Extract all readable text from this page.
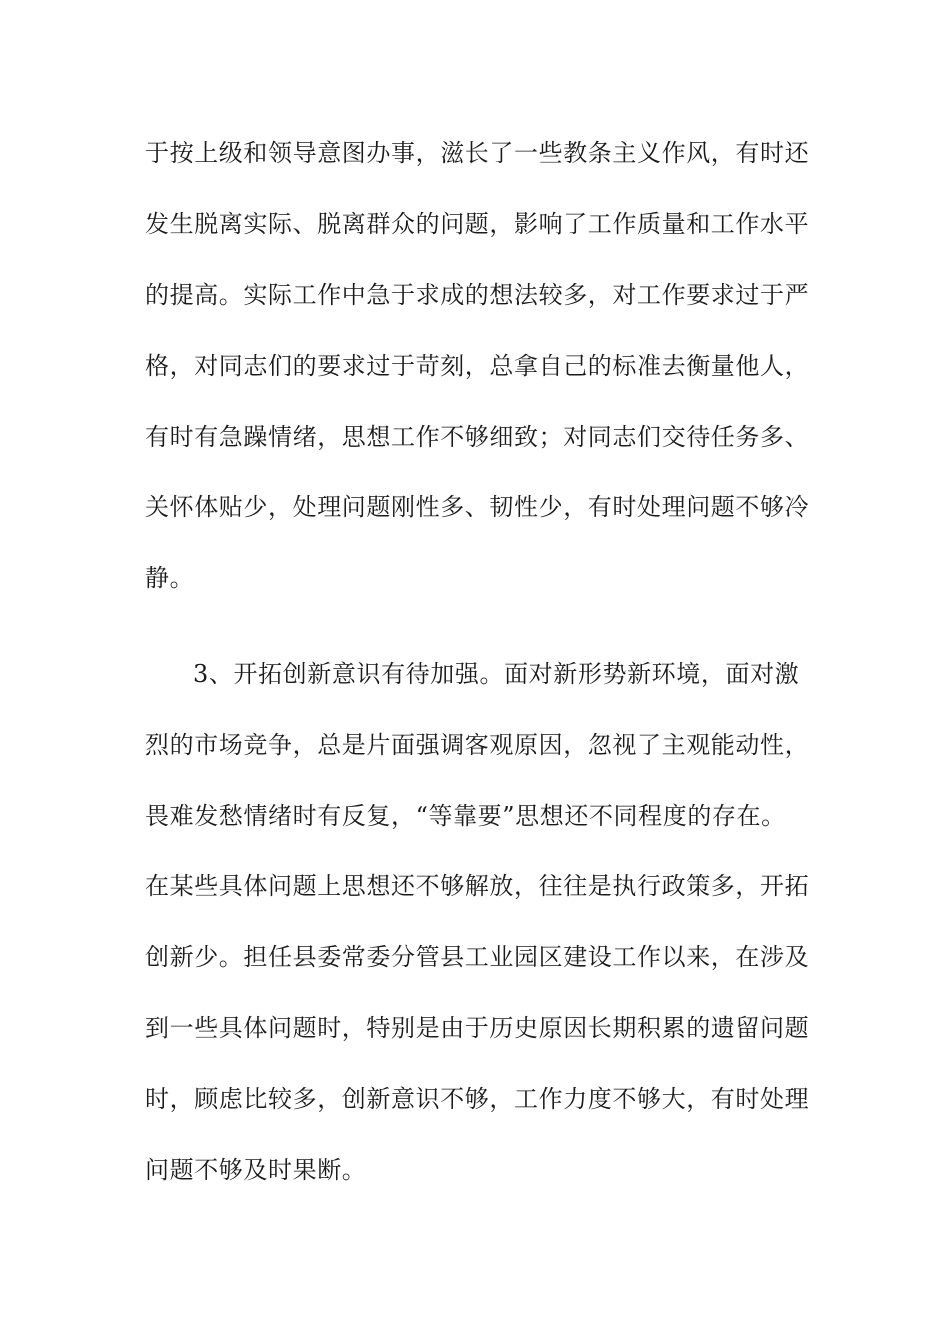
于按上级和领导意图办事，滋长了一些教条主义作风，有时还

发生脱离实际、脱离群众的问题，影响了工作质量和工作水平

的提高。实际工作中急于求成的想法较多，对工作要求过于严

格，对同志们的要求过于苛刻，总拿自己的标准去衡量他人，

有时有急躁情绪，思想工作不够细致；对同志们交待任务多、

关怀体贴少，处理问题刚性多、韧性少，有时处理问题不够冷

静。

3、开拓创新意识有待加强。面对新形势新环境，面对激

烈的市场竞争，总是片面强调客观原因，忽视了主观能动性，

畏难发愁情绪时有反复，“等靠要”思想还不同程度的存在。

在某些具体问题上思想还不够解放，往往是执行政策多，开拓

创新少。担任县委常委分管县工业园区建设工作以来，在涉及

到一些具体问题时，特别是由于历史原因长期积累的遗留问题

时，顾虑比较多，创新意识不够，工作力度不够大，有时处理

问题不够及时果断。
